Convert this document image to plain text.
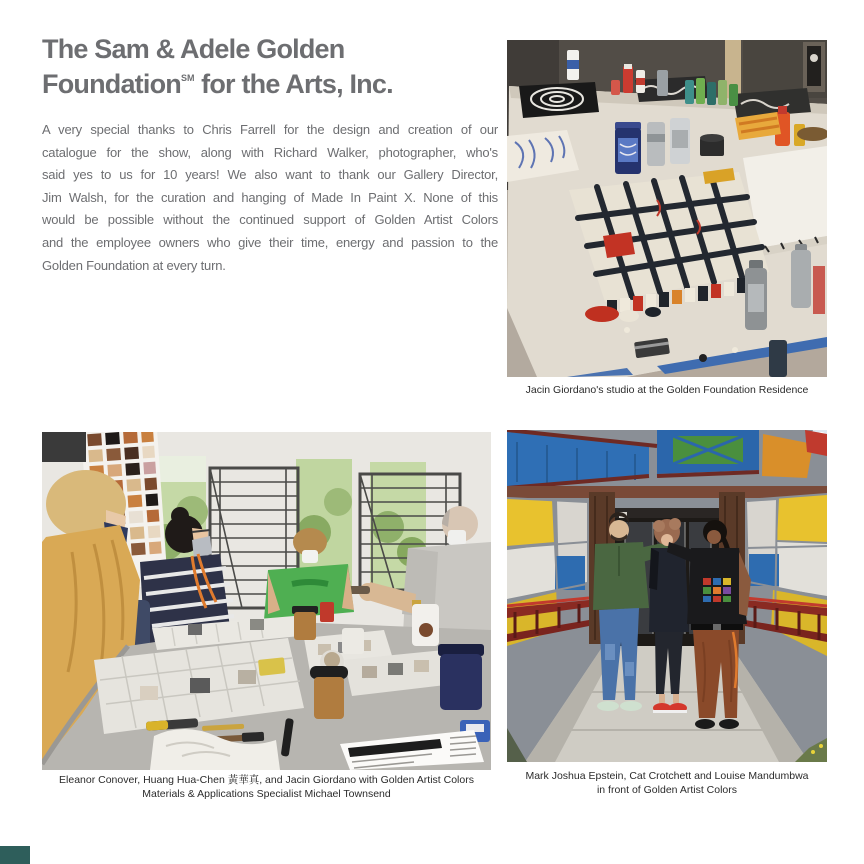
The Sam & Adele Golden
Foundation℠ for the Arts, Inc.
A very special thanks to Chris Farrell for the design and creation of our
catalogue for the show, along with Richard Walker, photographer, who's
said yes to us for 10 years! We also want to thank our Gallery Director,
Jim Walsh, for the curation and hanging of Made In Paint X. None of this
would be possible without the continued support of Golden Artist Colors
and the employee owners who give their time, energy and passion to the
Golden Foundation at every turn.
Jacin Giordano's studio at the Golden Foundation Residence
Eleanor Conover, Huang Hua-Chen 黃華真, and Jacin Giordano with Golden Artist Colors
Materials & Applications Specialist Michael Townsend
Mark Joshua Epstein, Cat Crotchett and Louise Mandumbwa
in front of Golden Artist Colors
